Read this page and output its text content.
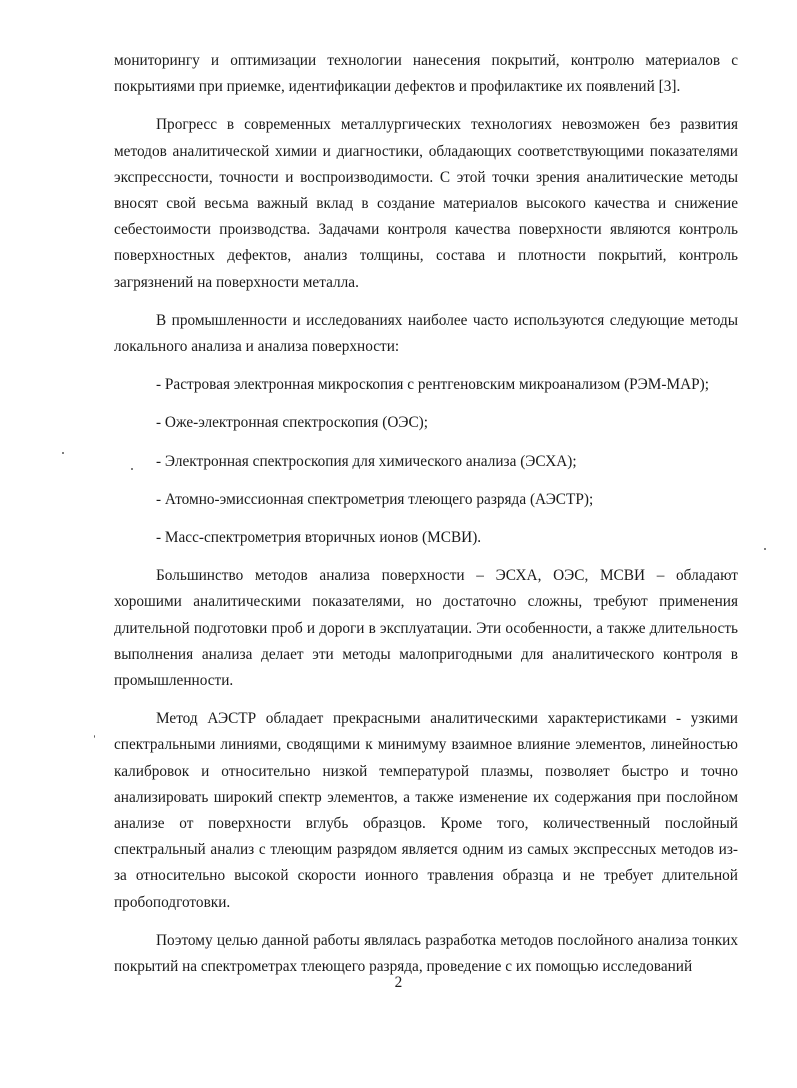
мониторингу и оптимизации технологии нанесения покрытий, контролю материалов с покрытиями при приемке, идентификации дефектов и профилактике их появлений [3].

Прогресс в современных металлургических технологиях невозможен без развития методов аналитической химии и диагностики, обладающих соответствующими показателями экспрессности, точности и воспроизводимости. С этой точки зрения аналитические методы вносят свой весьма важный вклад в создание материалов высокого качества и снижение себестоимости производства. Задачами контроля качества поверхности являются контроль поверхностных дефектов, анализ толщины, состава и плотности покрытий, контроль загрязнений на поверхности металла.

В промышленности и исследованиях наиболее часто используются следующие методы локального анализа и анализа поверхности:

- Растровая электронная микроскопия с рентгеновским микроанализом (РЭМ-МАР);

- Оже-электронная спектроскопия (ОЭС);

- Электронная спектроскопия для химического анализа (ЭСХА);

- Атомно-эмиссионная спектрометрия тлеющего разряда (АЭСТР);

- Масс-спектрометрия вторичных ионов (МСВИ).

Большинство методов анализа поверхности – ЭСХА, ОЭС, МСВИ – обладают хорошими аналитическими показателями, но достаточно сложны, требуют применения длительной подготовки проб и дороги в эксплуатации. Эти особенности, а также длительность выполнения анализа делает эти методы малопригодными для аналитического контроля в промышленности.

Метод АЭСТР обладает прекрасными аналитическими характеристиками - узкими спектральными линиями, сводящими к минимуму взаимное влияние элементов, линейностью калибровок и относительно низкой температурой плазмы, позволяет быстро и точно анализировать широкий спектр элементов, а также изменение их содержания при послойном анализе от поверхности вглубь образцов. Кроме того, количественный послойный спектральный анализ с тлеющим разрядом является одним из самых экспрессных методов из-за относительно высокой скорости ионного травления образца и не требует длительной пробоподготовки.

Поэтому целью данной работы являлась разработка методов послойного анализа тонких покрытий на спектрометрах тлеющего разряда, проведение с их помощью исследований

2
